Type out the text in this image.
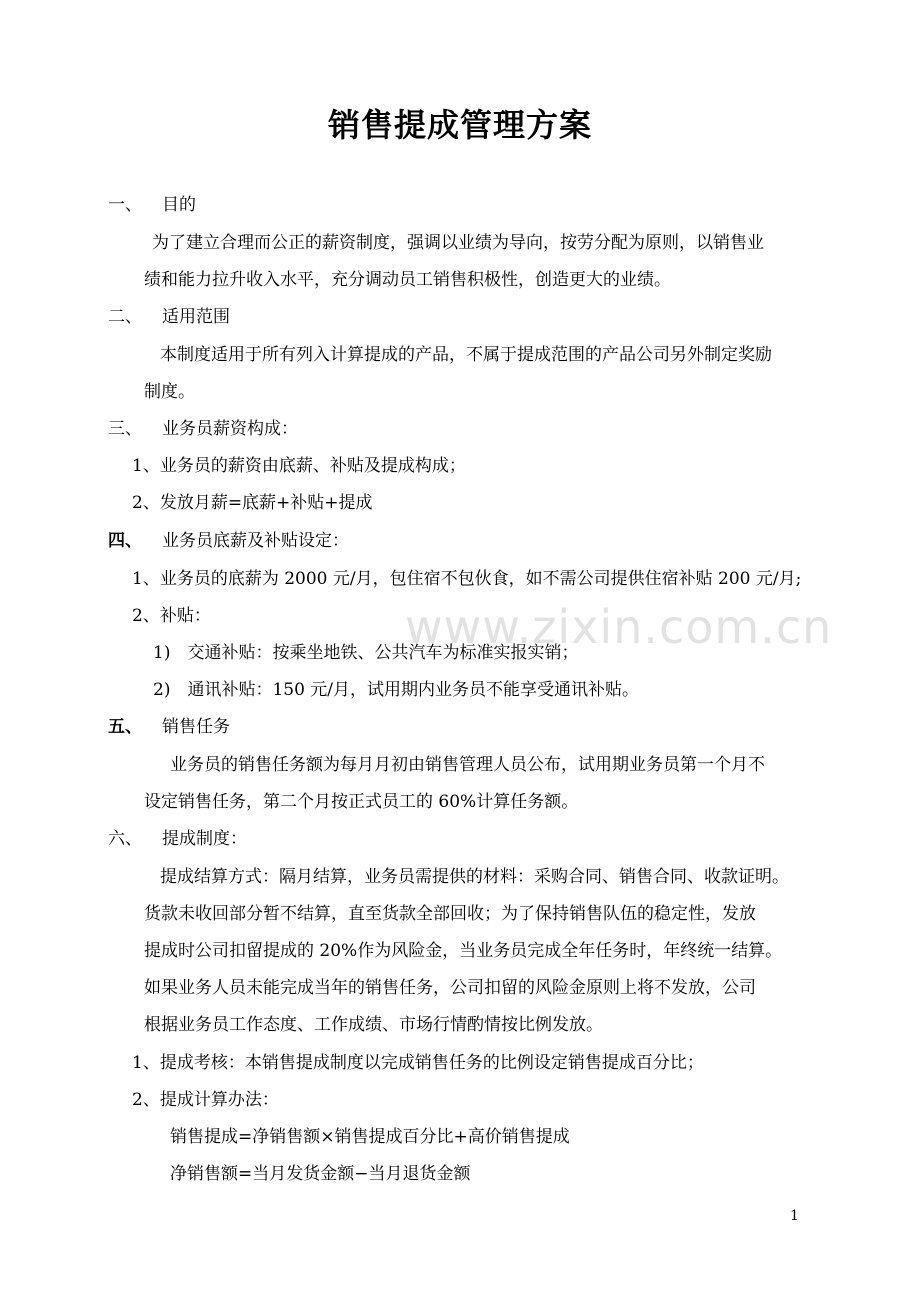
销售提成管理方案
www.zixin.com.cn
一、 目的
为了建立合理而公正的薪资制度，强调以业绩为导向，按劳分配为原则，以销售业
绩和能力拉升收入水平，充分调动员工销售积极性，创造更大的业绩。
二、 适用范围
本制度适用于所有列入计算提成的产品，不属于提成范围的产品公司另外制定奖励
制度。
三、 业务员薪资构成：
1、业务员的薪资由底薪、补贴及提成构成；
2、发放月薪=底薪+补贴+提成
四、 业务员底薪及补贴设定：
1、业务员的底薪为 2000 元/月，包住宿不包伙食，如不需公司提供住宿补贴 200 元/月;
2、补贴：
1)　交通补贴：按乘坐地铁、公共汽车为标准实报实销；
2)　通讯补贴：150 元/月，试用期内业务员不能享受通讯补贴。
五、 销售任务
业务员的销售任务额为每月月初由销售管理人员公布，试用期业务员第一个月不
设定销售任务，第二个月按正式员工的 60%计算任务额。
六、 提成制度：
提成结算方式：隔月结算，业务员需提供的材料：采购合同、销售合同、收款证明。
货款未收回部分暂不结算，直至货款全部回收；为了保持销售队伍的稳定性，发放
提成时公司扣留提成的 20%作为风险金，当业务员完成全年任务时，年终统一结算。
如果业务人员未能完成当年的销售任务，公司扣留的风险金原则上将不发放，公司
根据业务员工作态度、工作成绩、市场行情酌情按比例发放。
1、提成考核：本销售提成制度以完成销售任务的比例设定销售提成百分比；
2、提成计算办法：
销售提成=净销售额×销售提成百分比+高价销售提成
净销售额=当月发货金额−当月退货金额
1
